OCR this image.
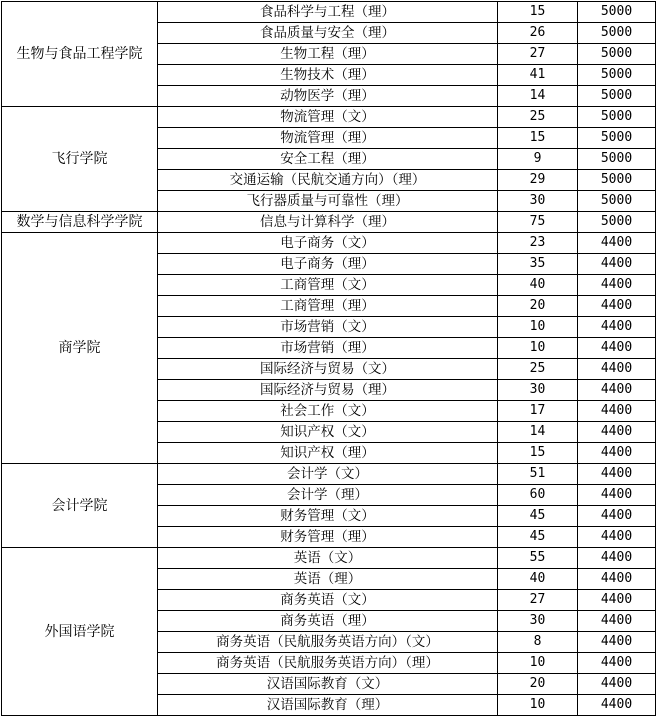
生物与食品工程学院	食品科学与工程（理）	15	5000
	食品质量与安全（理）	26	5000
	生物工程（理）	27	5000
	生物技术（理）	41	5000
	动物医学（理）	14	5000
飞行学院	物流管理（文）	25	5000
	物流管理（理）	15	5000
	安全工程（理）	9	5000
	交通运输（民航交通方向）（理）	29	5000
	飞行器质量与可靠性（理）	30	5000
数学与信息科学学院	信息与计算科学（理）	75	5000
商学院	电子商务（文）	23	4400
	电子商务（理）	35	4400
	工商管理（文）	40	4400
	工商管理（理）	20	4400
	市场营销（文）	10	4400
	市场营销（理）	10	4400
	国际经济与贸易（文）	25	4400
	国际经济与贸易（理）	30	4400
	社会工作（文）	17	4400
	知识产权（文）	14	4400
	知识产权（理）	15	4400
会计学院	会计学（文）	51	4400
	会计学（理）	60	4400
	财务管理（文）	45	4400
	财务管理（理）	45	4400
外国语学院	英语（文）	55	4400
	英语（理）	40	4400
	商务英语（文）	27	4400
	商务英语（理）	30	4400
	商务英语（民航服务英语方向）（文）	8	4400
	商务英语（民航服务英语方向）（理）	10	4400
	汉语国际教育（文）	20	4400
	汉语国际教育（理）	10	4400
